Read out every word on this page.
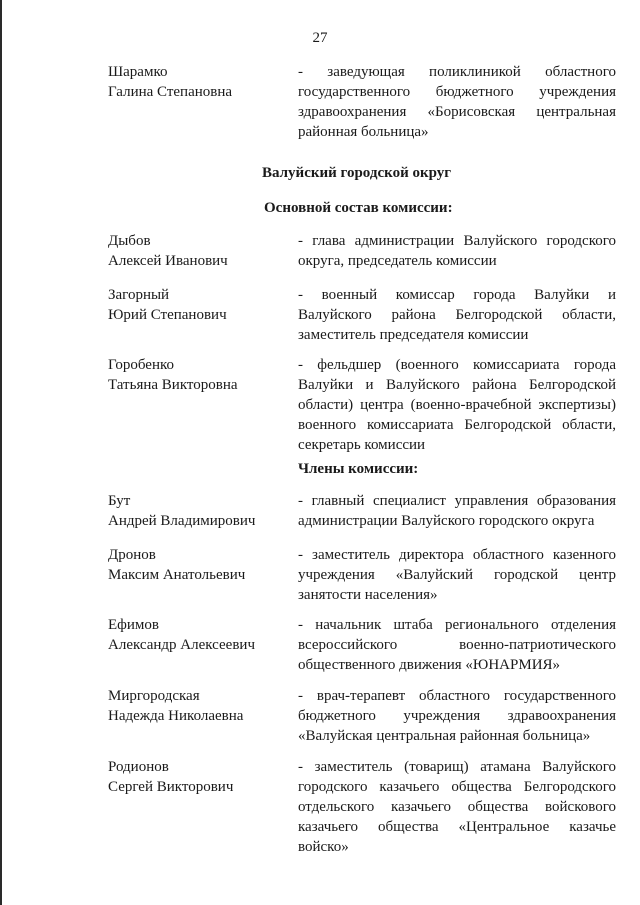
27
Шарамко
Галина Степановна
- заведующая поликлиникой областного государственного бюджетного учреждения здравоохранения «Борисовская центральная районная больница»
Валуйский городской округ
Основной состав комиссии:
Дыбов
Алексей Иванович
- глава администрации Валуйского городского округа, председатель комиссии
Загорный
Юрий Степанович
- военный комиссар города Валуйки и Валуйского района Белгородской области, заместитель председателя комиссии
Горобенко
Татьяна Викторовна
- фельдшер (военного комиссариата города Валуйки и Валуйского района Белгородской области) центра (военно-врачебной экспертизы) военного комиссариата Белгородской области, секретарь комиссии
Члены комиссии:
Бут
Андрей Владимирович
- главный специалист управления образования администрации Валуйского городского округа
Дронов
Максим Анатольевич
- заместитель директора областного казенного учреждения «Валуйский городской центр занятости населения»
Ефимов
Александр Алексеевич
- начальник штаба регионального отделения всероссийского военно-патриотического общественного движения «ЮНАРМИЯ»
Миргородская
Надежда Николаевна
- врач-терапевт областного государственного бюджетного учреждения здравоохранения «Валуйская центральная районная больница»
Родионов
Сергей Викторович
- заместитель (товарищ) атамана Валуйского городского казачьего общества Белгородского отдельского казачьего общества войскового казачьего общества «Центральное казачье войско»
